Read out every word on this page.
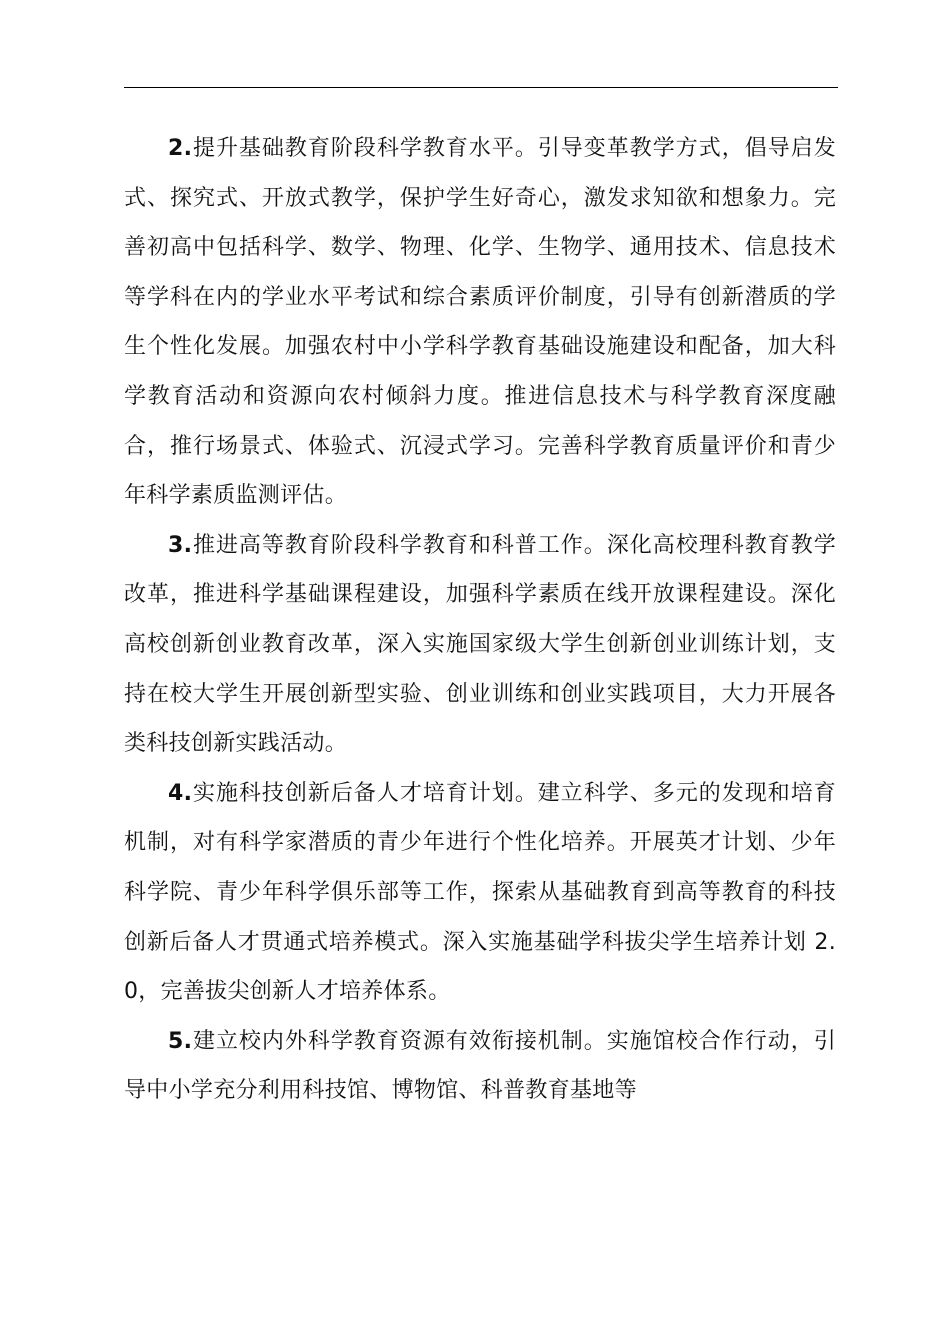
2.提升基础教育阶段科学教育水平。引导变革教学方式，倡导启发式、探究式、开放式教学，保护学生好奇心，激发求知欲和想象力。完善初高中包括科学、数学、物理、化学、生物学、通用技术、信息技术等学科在内的学业水平考试和综合素质评价制度，引导有创新潜质的学生个性化发展。加强农村中小学科学教育基础设施建设和配备，加大科学教育活动和资源向农村倾斜力度。推进信息技术与科学教育深度融合，推行场景式、体验式、沉浸式学习。完善科学教育质量评价和青少年科学素质监测评估。

3.推进高等教育阶段科学教育和科普工作。深化高校理科教育教学改革，推进科学基础课程建设，加强科学素质在线开放课程建设。深化高校创新创业教育改革，深入实施国家级大学生创新创业训练计划，支持在校大学生开展创新型实验、创业训练和创业实践项目，大力开展各类科技创新实践活动。

4.实施科技创新后备人才培育计划。建立科学、多元的发现和培育机制，对有科学家潜质的青少年进行个性化培养。开展英才计划、少年科学院、青少年科学俱乐部等工作，探索从基础教育到高等教育的科技创新后备人才贯通式培养模式。深入实施基础学科拔尖学生培养计划 2.0，完善拔尖创新人才培养体系。

5.建立校内外科学教育资源有效衔接机制。实施馆校合作行动，引导中小学充分利用科技馆、博物馆、科普教育基地等
